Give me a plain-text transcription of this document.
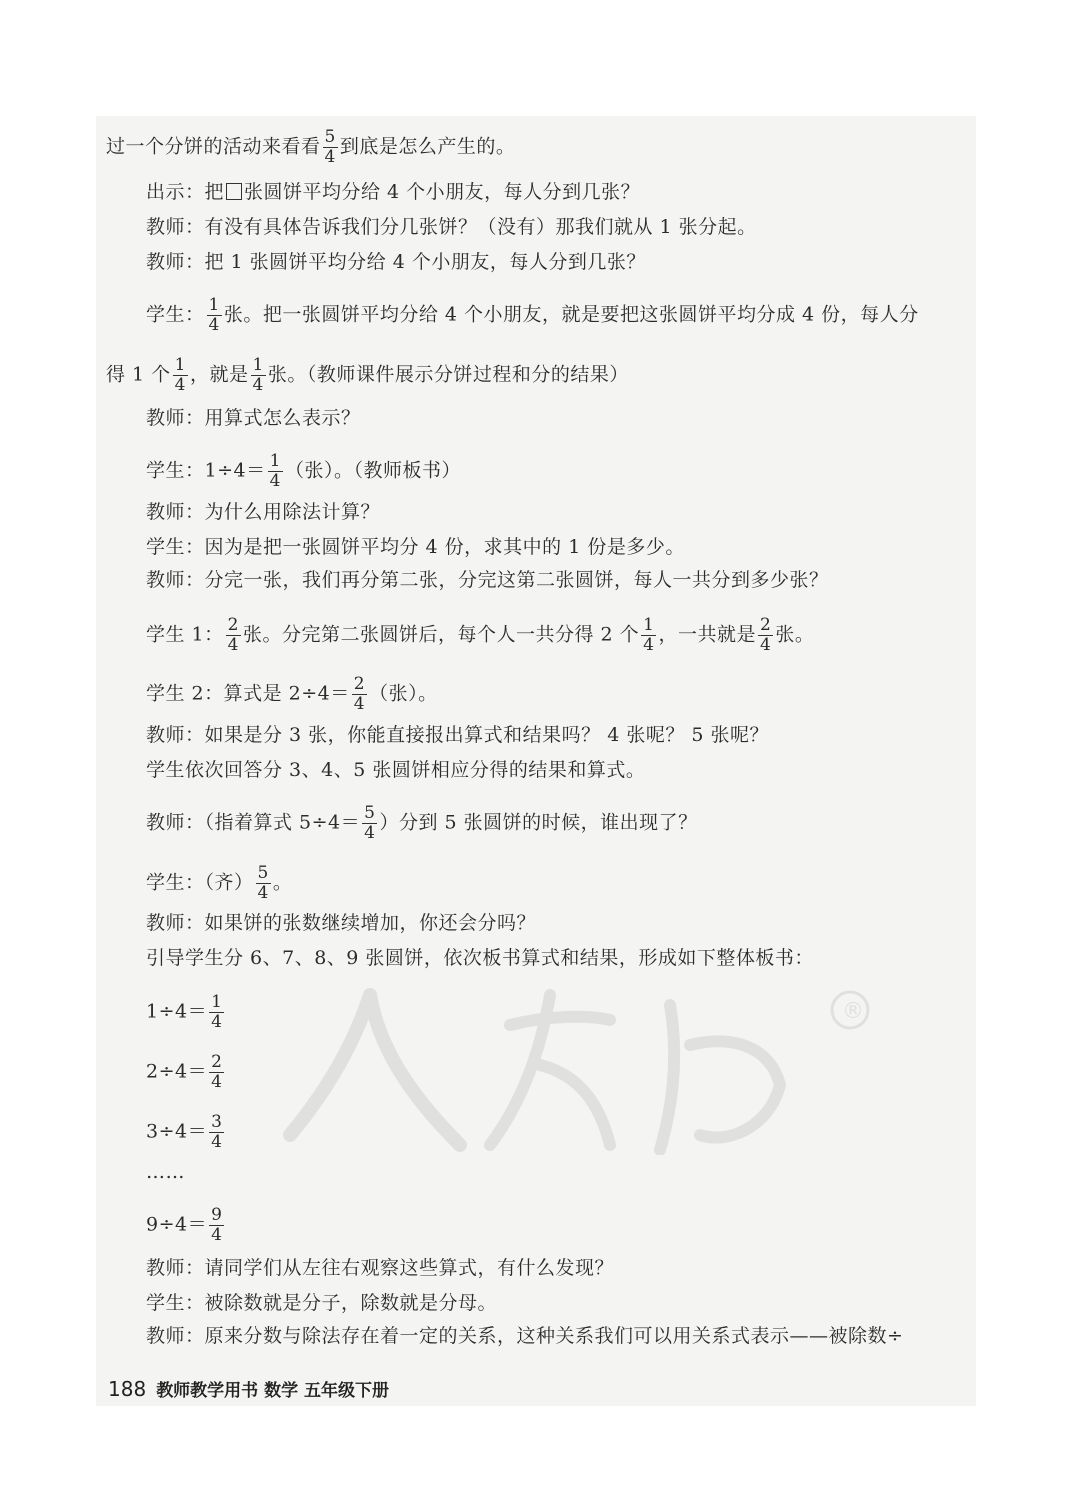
®
过一个分饼的活动来看看 $\frac{5}{4}$ 到底是怎么产生的。
出示：把 张圆饼平均分给 4 个小朋友，每人分到几张？
教师：有没有具体告诉我们分几张饼？（没有）那我们就从 1 张分起。
教师：把 1 张圆饼平均分给 4 个小朋友，每人分到几张？
学生： $\frac{1}{4}$ 张。把一张圆饼平均分给 4 个小朋友，就是要把这张圆饼平均分成 4 份，每人分
得 1 个 $\frac{1}{4}$ ，就是 $\frac{1}{4}$ 张。（教师课件展示分饼过程和分的结果）
教师：用算式怎么表示？
学生：$1\div 4= \frac{1}{4}$ （张）。（教师板书）
教师：为什么用除法计算？
学生：因为是把一张圆饼平均分 4 份，求其中的 1 份是多少。
教师：分完一张，我们再分第二张，分完这第二张圆饼，每人一共分到多少张？
学生 1： $\frac{2}{4}$ 张。分完第二张圆饼后，每个人一共分得 2 个 $\frac{1}{4}$ ，一共就是 $\frac{2}{4}$ 张。
学生 2：算式是 $2\div 4= \frac{2}{4}$ （张）。
教师：如果是分 3 张，你能直接报出算式和结果吗？ 4 张呢？ 5 张呢？
学生依次回答分 3、4、5 张圆饼相应分得的结果和算式。
教师：（指着算式 $5\div 4= \frac{5}{4}$ ）分到 5 张圆饼的时候，谁出现了？
学生：（齐） $\frac{5}{4}$ 。
教师：如果饼的张数继续增加，你还会分吗？
引导学生分 6、7、8、9 张圆饼，依次板书算式和结果，形成如下整体板书：
$1\div 4= \frac{1}{4}$
$2\div 4= \frac{2}{4}$
$3\div 4= \frac{3}{4}$
……
$9\div 4= \frac{9}{4}$
教师：请同学们从左往右观察这些算式，有什么发现？
学生：被除数就是分子，除数就是分母。
教师：原来分数与除法存在着一定的关系，这种关系我们可以用关系式表示——被除数÷
188 教师教学用书 数学 五年级下册
